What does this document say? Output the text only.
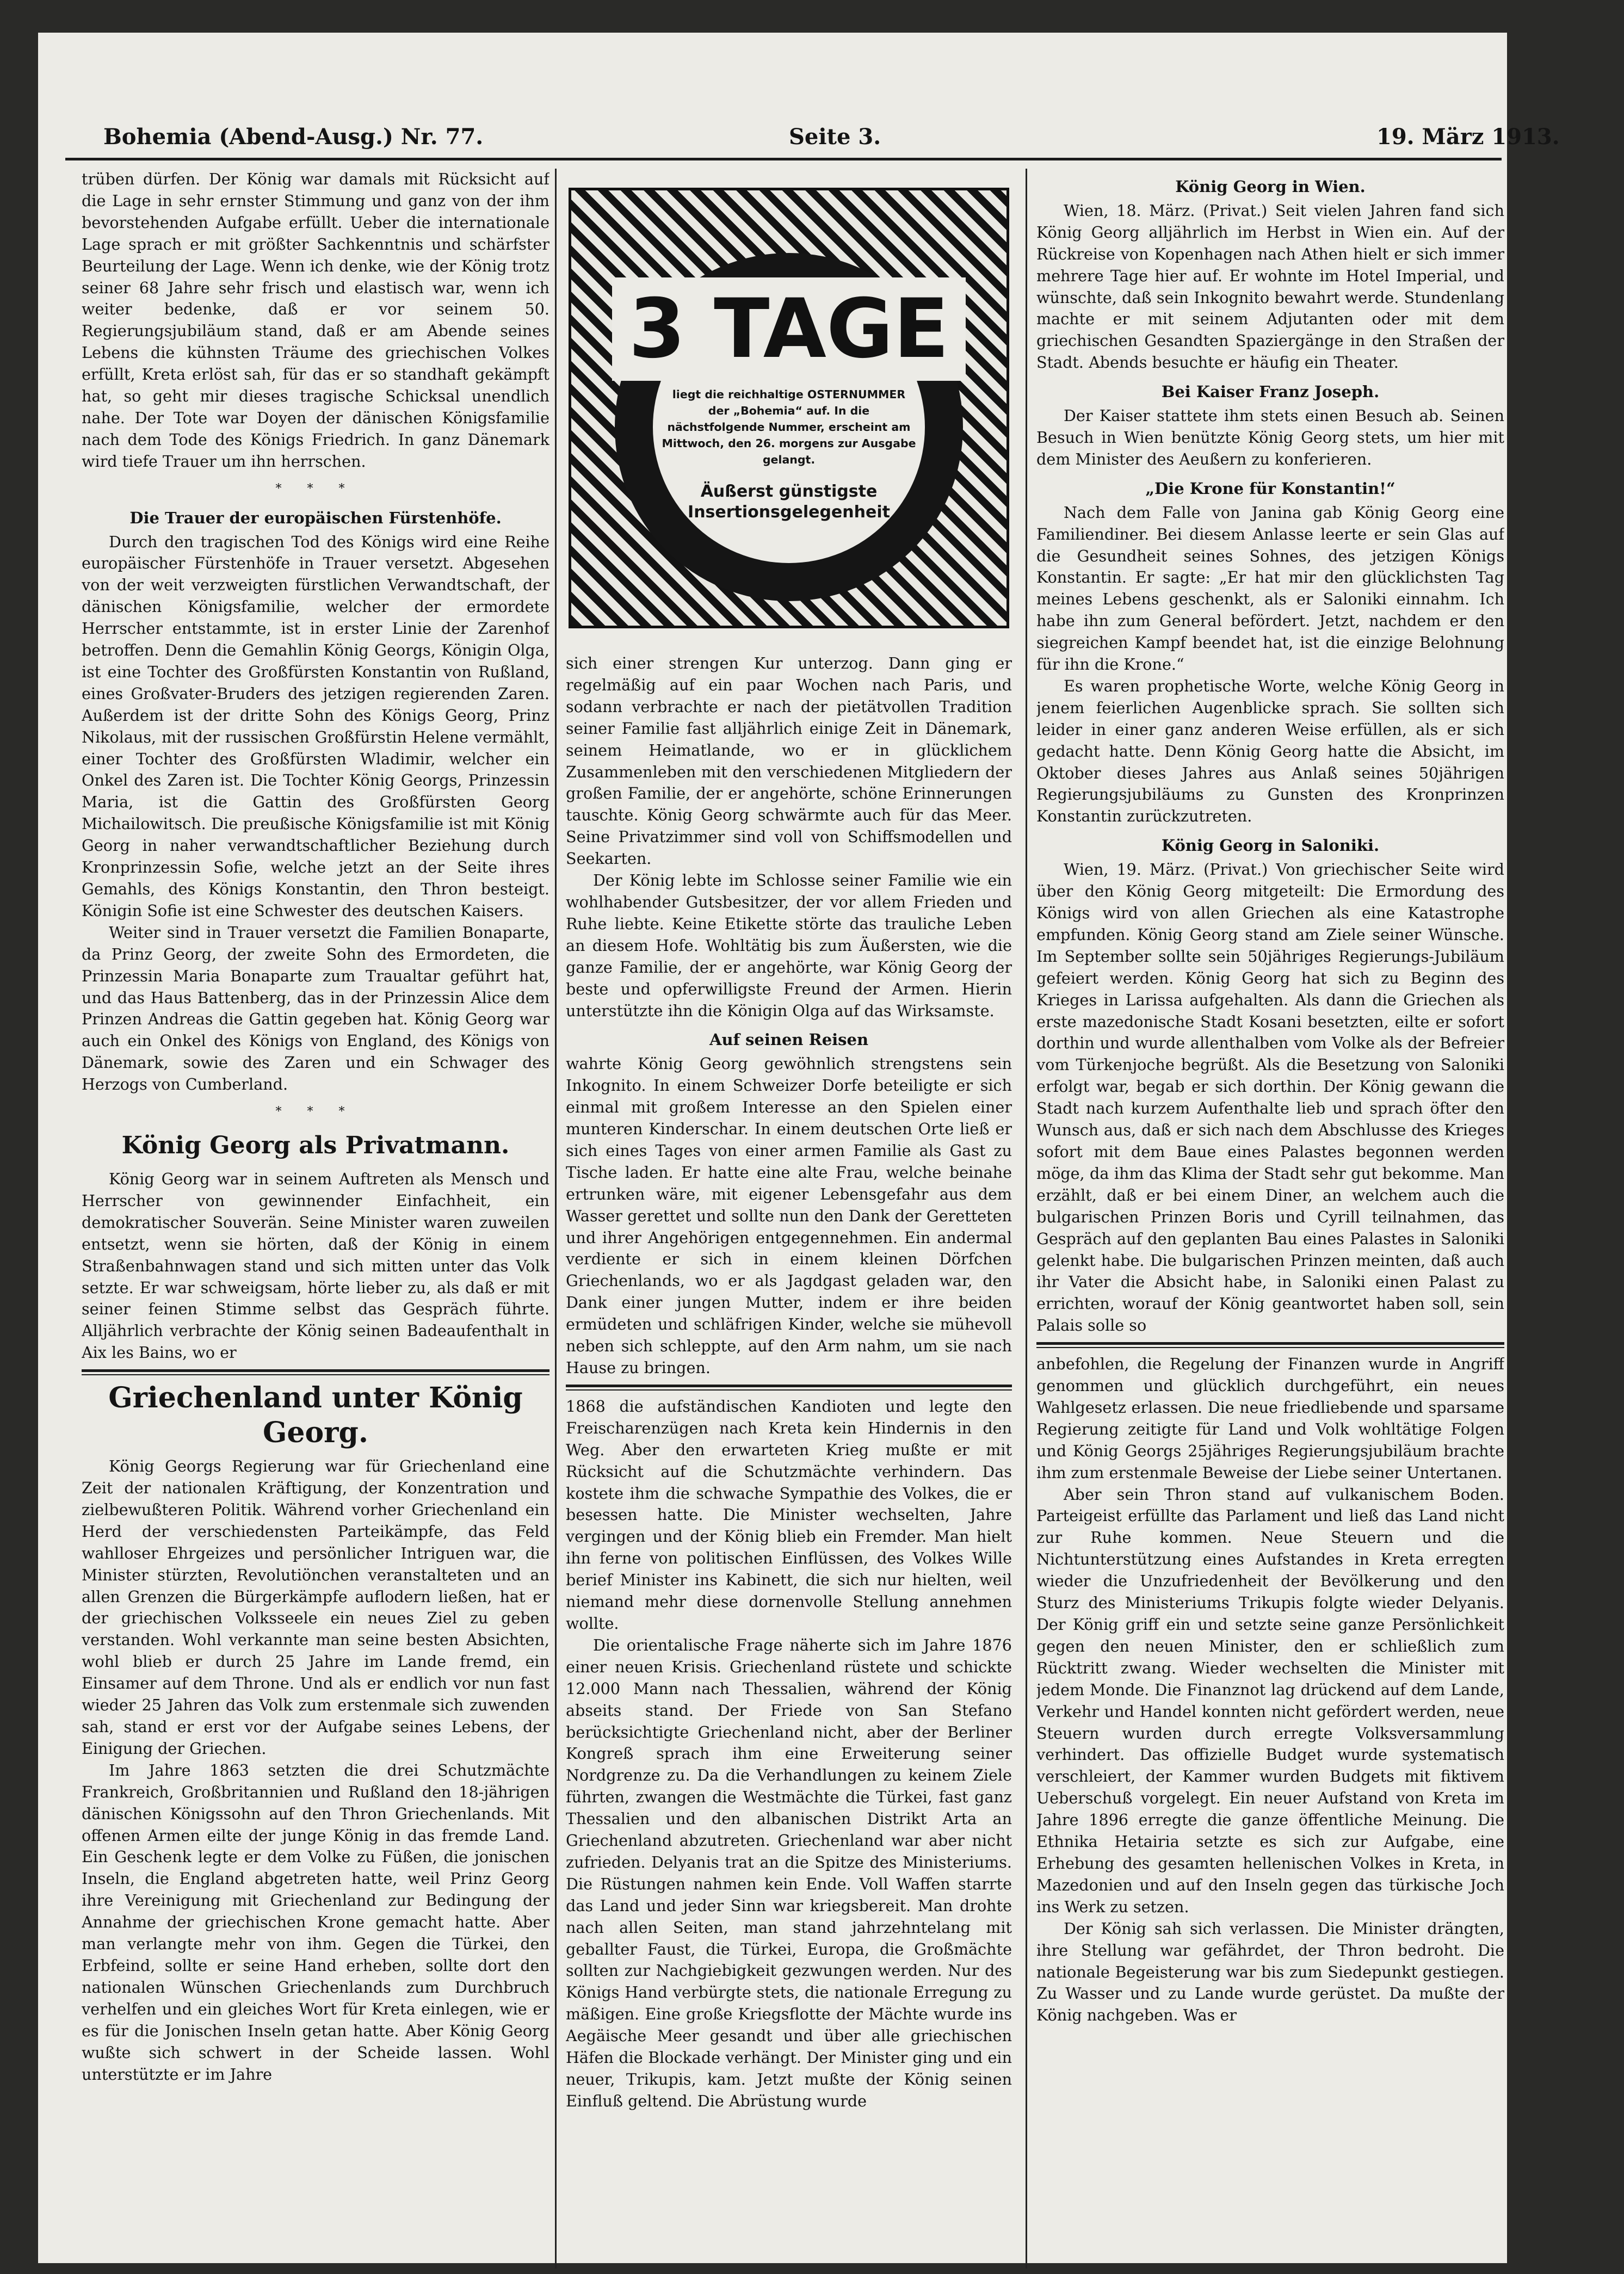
Bohemia (Abend-Ausg.) Nr. 77.	Seite 3.	19. März 1913.

trüben dürfen. Der König war damals mit Rücksicht auf die Lage in sehr ernster Stimmung und ganz von der ihm bevorstehenden Aufgabe erfüllt. Ueber die internationale Lage sprach er mit größter Sachkenntnis und schärfster Beurteilung der Lage. Wenn ich denke, wie der König trotz seiner 68 Jahre sehr frisch und elastisch war, wenn ich weiter bedenke, daß er vor seinem 50. Regierungsjubiläum stand, daß er am Abende seines Lebens die kühnsten Träume des griechischen Volkes erfüllt, Kreta erlöst sah, für das er so standhaft gekämpft hat, so geht mir dieses tragische Schicksal unendlich nahe. Der Tote war Doyen der dänischen Königsfamilie nach dem Tode des Königs Friedrich. In ganz Dänemark wird tiefe Trauer um ihn herrschen.

* * *
Die Trauer der europäischen Fürstenhöfe.

Durch den tragischen Tod des Königs wird eine Reihe europäischer Fürstenhöfe in Trauer versetzt. Abgesehen von der weit verzweigten fürstlichen Verwandtschaft, der dänischen Königsfamilie, welcher der ermordete Herrscher entstammte, ist in erster Linie der Zarenhof betroffen. Denn die Gemahlin König Georgs, Königin Olga, ist eine Tochter des Großfürsten Konstantin von Rußland, eines Großvater-Bruders des jetzigen regierenden Zaren. Außerdem ist der dritte Sohn des Königs Georg, Prinz Nikolaus, mit der russischen Großfürstin Helene vermählt, einer Tochter des Großfürsten Wladimir, welcher ein Onkel des Zaren ist. Die Tochter König Georgs, Prinzessin Maria, ist die Gattin des Großfürsten Georg Michailowitsch. Die preußische Königsfamilie ist mit König Georg in naher verwandtschaftlicher Beziehung durch Kronprinzessin Sofie, welche jetzt an der Seite ihres Gemahls, des Königs Konstantin, den Thron besteigt. Königin Sofie ist eine Schwester des deutschen Kaisers.

Weiter sind in Trauer versetzt die Familien Bonaparte, da Prinz Georg, der zweite Sohn des Ermordeten, die Prinzessin Maria Bonaparte zum Traualtar geführt hat, und das Haus Battenberg, das in der Prinzessin Alice dem Prinzen Andreas die Gattin gegeben hat. König Georg war auch ein Onkel des Königs von England, des Königs von Dänemark, sowie des Zaren und ein Schwager des Herzogs von Cumberland.

* * *
König Georg als Privatmann.

König Georg war in seinem Auftreten als Mensch und Herrscher von gewinnender Einfachheit, ein demokratischer Souverän. Seine Minister waren zuweilen entsetzt, wenn sie hörten, daß der König in einem Straßenbahnwagen stand und sich mitten unter das Volk setzte. Er war schweigsam, hörte lieber zu, als daß er mit seiner feinen Stimme selbst das Gespräch führte. Alljährlich verbrachte der König seinen Badeaufenthalt in Aix les Bains, wo er

Griechenland unter König Georg.

König Georgs Regierung war für Griechenland eine Zeit der nationalen Kräftigung, der Konzentration und zielbewußteren Politik. Während vorher Griechenland ein Herd der verschiedensten Parteikämpfe, das Feld wahlloser Ehrgeizes und persönlicher Intriguen war, die Minister stürzten, Revolutiönchen veranstalteten und an allen Grenzen die Bürgerkämpfe auflodern ließen, hat er der griechischen Volksseele ein neues Ziel zu geben verstanden. Wohl verkannte man seine besten Absichten, wohl blieb er durch 25 Jahre im Lande fremd, ein Einsamer auf dem Throne. Und als er endlich vor nun fast wieder 25 Jahren das Volk zum erstenmale sich zuwenden sah, stand er erst vor der Aufgabe seines Lebens, der Einigung der Griechen.

Im Jahre 1863 setzten die drei Schutzmächte Frankreich, Großbritannien und Rußland den 18-jährigen dänischen Königssohn auf den Thron Griechenlands. Mit offenen Armen eilte der junge König in das fremde Land. Ein Geschenk legte er dem Volke zu Füßen, die jonischen Inseln, die England abgetreten hatte, weil Prinz Georg ihre Vereinigung mit Griechenland zur Bedingung der Annahme der griechischen Krone gemacht hatte. Aber man verlangte mehr von ihm. Gegen die Türkei, den Erbfeind, sollte er seine Hand erheben, sollte dort den nationalen Wünschen Griechenlands zum Durchbruch verhelfen und ein gleiches Wort für Kreta einlegen, wie er es für die Jonischen Inseln getan hatte. Aber König Georg wußte sich schwert in der Scheide lassen. Wohl unterstützte er im Jahre

3 TAGE
liegt die reichhaltige OSTERNUMMER der „Bohemia“ auf. In die nächstfolgende Nummer, erscheint am Mittwoch, den 26. morgens zur Ausgabe gelangt.
Äußerst günstigste Insertionsgelegenheit

sich einer strengen Kur unterzog. Dann ging er regelmäßig auf ein paar Wochen nach Paris, und sodann verbrachte er nach der pietätvollen Tradition seiner Familie fast alljährlich einige Zeit in Dänemark, seinem Heimatlande, wo er in glücklichem Zusammenleben mit den verschiedenen Mitgliedern der großen Familie, der er angehörte, schöne Erinnerungen tauschte. König Georg schwärmte auch für das Meer. Seine Privatzimmer sind voll von Schiffsmodellen und Seekarten.

Der König lebte im Schlosse seiner Familie wie ein wohlhabender Gutsbesitzer, der vor allem Frieden und Ruhe liebte. Keine Etikette störte das trauliche Leben an diesem Hofe. Wohltätig bis zum Äußersten, wie die ganze Familie, der er angehörte, war König Georg der beste und opferwilligste Freund der Armen. Hierin unterstützte ihn die Königin Olga auf das Wirksamste.

Auf seinen Reisen

wahrte König Georg gewöhnlich strengstens sein Inkognito. In einem Schweizer Dorfe beteiligte er sich einmal mit großem Interesse an den Spielen einer munteren Kinderschar. In einem deutschen Orte ließ er sich eines Tages von einer armen Familie als Gast zu Tische laden. Er hatte eine alte Frau, welche beinahe ertrunken wäre, mit eigener Lebensgefahr aus dem Wasser gerettet und sollte nun den Dank der Geretteten und ihrer Angehörigen entgegennehmen. Ein andermal verdiente er sich in einem kleinen Dörfchen Griechenlands, wo er als Jagdgast geladen war, den Dank einer jungen Mutter, indem er ihre beiden ermüdeten und schläfrigen Kinder, welche sie mühevoll neben sich schleppte, auf den Arm nahm, um sie nach Hause zu bringen.

1868 die aufständischen Kandioten und legte den Freischarenzügen nach Kreta kein Hindernis in den Weg. Aber den erwarteten Krieg mußte er mit Rücksicht auf die Schutzmächte verhindern. Das kostete ihm die schwache Sympathie des Volkes, die er besessen hatte. Die Minister wechselten, Jahre vergingen und der König blieb ein Fremder. Man hielt ihn ferne von politischen Einflüssen, des Volkes Wille berief Minister ins Kabinett, die sich nur hielten, weil niemand mehr diese dornenvolle Stellung annehmen wollte.

Die orientalische Frage näherte sich im Jahre 1876 einer neuen Krisis. Griechenland rüstete und schickte 12.000 Mann nach Thessalien, während der König abseits stand. Der Friede von San Stefano berücksichtigte Griechenland nicht, aber der Berliner Kongreß sprach ihm eine Erweiterung seiner Nordgrenze zu. Da die Verhandlungen zu keinem Ziele führten, zwangen die Westmächte die Türkei, fast ganz Thessalien und den albanischen Distrikt Arta an Griechenland abzutreten. Griechenland war aber nicht zufrieden. Delyanis trat an die Spitze des Ministeriums. Die Rüstungen nahmen kein Ende. Voll Waffen starrte das Land und jeder Sinn war kriegsbereit. Man drohte nach allen Seiten, man stand jahrzehntelang mit geballter Faust, die Türkei, Europa, die Großmächte sollten zur Nachgiebigkeit gezwungen werden. Nur des Königs Hand verbürgte stets, die nationale Erregung zu mäßigen. Eine große Kriegsflotte der Mächte wurde ins Aegäische Meer gesandt und über alle griechischen Häfen die Blockade verhängt. Der Minister ging und ein neuer, Trikupis, kam. Jetzt mußte der König seinen Einfluß geltend. Die Abrüstung wurde

König Georg in Wien.

Wien, 18. März. (Privat.) Seit vielen Jahren fand sich König Georg alljährlich im Herbst in Wien ein. Auf der Rückreise von Kopenhagen nach Athen hielt er sich immer mehrere Tage hier auf. Er wohnte im Hotel Imperial, und wünschte, daß sein Inkognito bewahrt werde. Stundenlang machte er mit seinem Adjutanten oder mit dem griechischen Gesandten Spaziergänge in den Straßen der Stadt. Abends besuchte er häufig ein Theater.

Bei Kaiser Franz Joseph.

Der Kaiser stattete ihm stets einen Besuch ab. Seinen Besuch in Wien benützte König Georg stets, um hier mit dem Minister des Aeußern zu konferieren.

„Die Krone für Konstantin!“

Nach dem Falle von Janina gab König Georg eine Familiendiner. Bei diesem Anlasse leerte er sein Glas auf die Gesundheit seines Sohnes, des jetzigen Königs Konstantin. Er sagte: „Er hat mir den glücklichsten Tag meines Lebens geschenkt, als er Saloniki einnahm. Ich habe ihn zum General befördert. Jetzt, nachdem er den siegreichen Kampf beendet hat, ist die einzige Belohnung für ihn die Krone.“

Es waren prophetische Worte, welche König Georg in jenem feierlichen Augenblicke sprach. Sie sollten sich leider in einer ganz anderen Weise erfüllen, als er sich gedacht hatte. Denn König Georg hatte die Absicht, im Oktober dieses Jahres aus Anlaß seines 50jährigen Regierungsjubiläums zu Gunsten des Kronprinzen Konstantin zurückzutreten.

König Georg in Saloniki.

Wien, 19. März. (Privat.) Von griechischer Seite wird über den König Georg mitgeteilt: Die Ermordung des Königs wird von allen Griechen als eine Katastrophe empfunden. König Georg stand am Ziele seiner Wünsche. Im September sollte sein 50jähriges Regierungs-Jubiläum gefeiert werden. König Georg hat sich zu Beginn des Krieges in Larissa aufgehalten. Als dann die Griechen als erste mazedonische Stadt Kosani besetzten, eilte er sofort dorthin und wurde allenthalben vom Volke als der Befreier vom Türkenjoche begrüßt. Als die Besetzung von Saloniki erfolgt war, begab er sich dorthin. Der König gewann die Stadt nach kurzem Aufenthalte lieb und sprach öfter den Wunsch aus, daß er sich nach dem Abschlusse des Krieges sofort mit dem Baue eines Palastes begonnen werden möge, da ihm das Klima der Stadt sehr gut bekomme. Man erzählt, daß er bei einem Diner, an welchem auch die bulgarischen Prinzen Boris und Cyrill teilnahmen, das Gespräch auf den geplanten Bau eines Palastes in Saloniki gelenkt habe. Die bulgarischen Prinzen meinten, daß auch ihr Vater die Absicht habe, in Saloniki einen Palast zu errichten, worauf der König geantwortet haben soll, sein Palais solle so

anbefohlen, die Regelung der Finanzen wurde in Angriff genommen und glücklich durchgeführt, ein neues Wahlgesetz erlassen. Die neue friedliebende und sparsame Regierung zeitigte für Land und Volk wohltätige Folgen und König Georgs 25jähriges Regierungsjubiläum brachte ihm zum erstenmale Beweise der Liebe seiner Untertanen.

Aber sein Thron stand auf vulkanischem Boden. Parteigeist erfüllte das Parlament und ließ das Land nicht zur Ruhe kommen. Neue Steuern und die Nichtunterstützung eines Aufstandes in Kreta erregten wieder die Unzufriedenheit der Bevölkerung und den Sturz des Ministeriums Trikupis folgte wieder Delyanis. Der König griff ein und setzte seine ganze Persönlichkeit gegen den neuen Minister, den er schließlich zum Rücktritt zwang. Wieder wechselten die Minister mit jedem Monde. Die Finanznot lag drückend auf dem Lande, Verkehr und Handel konnten nicht gefördert werden, neue Steuern wurden durch erregte Volksversammlung verhindert. Das offizielle Budget wurde systematisch verschleiert, der Kammer wurden Budgets mit fiktivem Ueberschuß vorgelegt. Ein neuer Aufstand von Kreta im Jahre 1896 erregte die ganze öffentliche Meinung. Die Ethnika Hetairia setzte es sich zur Aufgabe, eine Erhebung des gesamten hellenischen Volkes in Kreta, in Mazedonien und auf den Inseln gegen das türkische Joch ins Werk zu setzen.

Der König sah sich verlassen. Die Minister drängten, ihre Stellung war gefährdet, der Thron bedroht. Die nationale Begeisterung war bis zum Siedepunkt gestiegen. Zu Wasser und zu Lande wurde gerüstet. Da mußte der König nachgeben. Was er
